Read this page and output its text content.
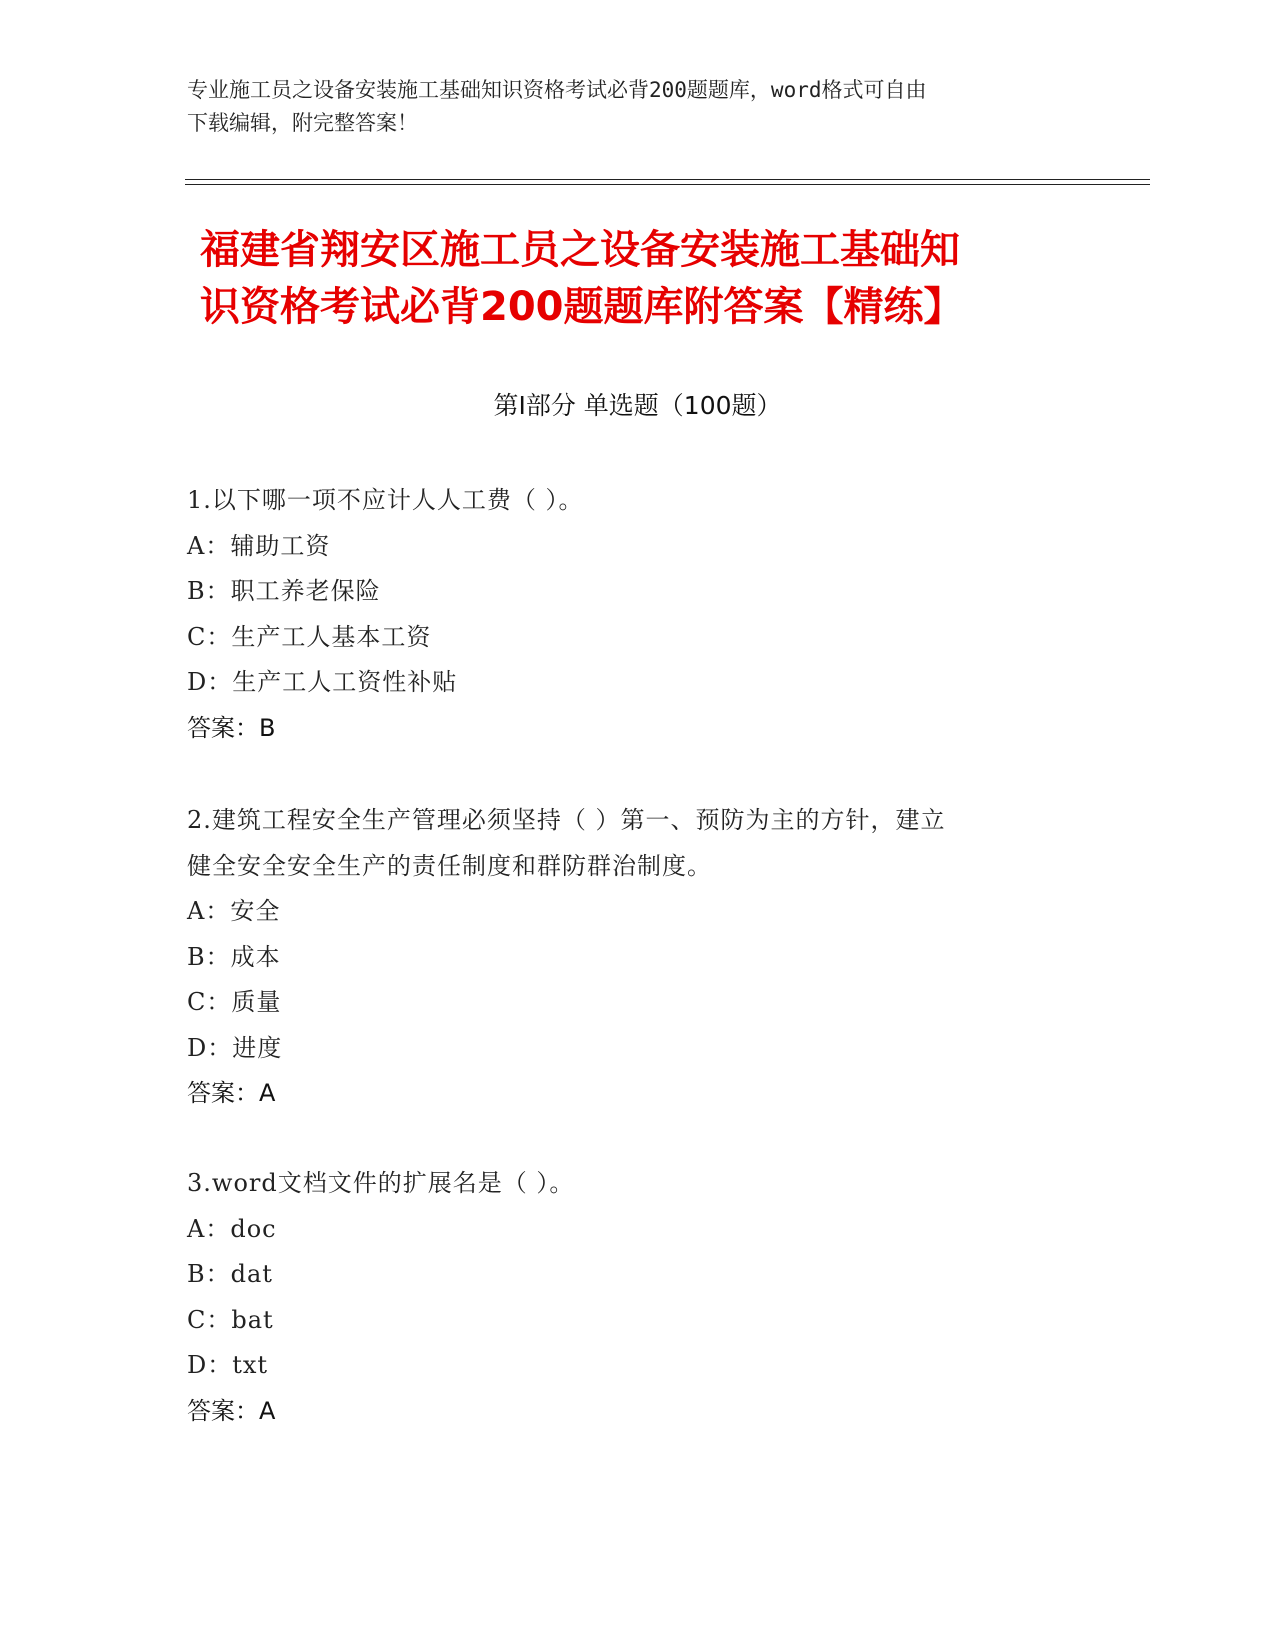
专业施工员之设备安装施工基础知识资格考试必背200题题库，word格式可自由
下载编辑，附完整答案！
福建省翔安区施工员之设备安装施工基础知
识资格考试必背200题题库附答案【精练】
第I部分 单选题（100题）

1.以下哪一项不应计人人工费（ ）。

A：辅助工资

B：职工养老保险

C：生产工人基本工资

D：生产工人工资性补贴

答案：B

2.建筑工程安全生产管理必须坚持（ ）第一、预防为主的方针，建立

健全安全安全生产的责任制度和群防群治制度。

A：安全

B：成本

C：质量

D：进度

答案：A

3.word文档文件的扩展名是（ ）。

A：doc

B：dat

C：bat

D：txt

答案：A
